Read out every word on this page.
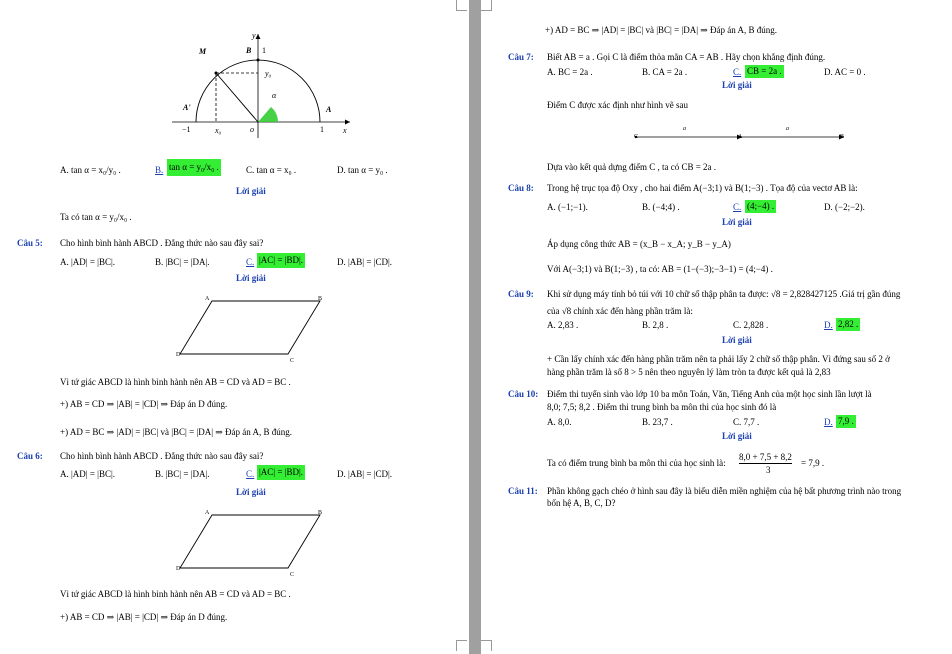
y
x
M	B 1
y₀
α
A'	A
−1	x₀	o	1
A. tan α = x₀/y₀ .	B. tan α = y₀/x₀ .	C. tan α = x₀ .	D. tan α = y₀ .
Lời giải
Ta có tan α = y₀/x₀ .
Câu 5: Cho hình bình hành ABCD . Đẳng thức nào sau đây sai?
A. |AD| = |BC|.	B. |BC| = |DA|.	C. |AC| = |BD|.	D. |AB| = |CD|.
Lời giải
A	B
C
D
Vì tứ giác ABCD là hình bình hành nên AB = CD và AD = BC .
+) AB = CD ⇒ |AB| = |CD| ⇒ Đáp án D đúng.
+) AD = BC ⇒ |AD| = |BC| và |BC| = |DA| ⇒ Đáp án A, B đúng.
Câu 6: Cho hình bình hành ABCD . Đẳng thức nào sau đây sai?
A. |AD| = |BC|.	B. |BC| = |DA|.	C. |AC| = |BD|.	D. |AB| = |CD|.
Lời giải
A	B
C
D
Vì tứ giác ABCD là hình bình hành nên AB = CD và AD = BC .
+) AB = CD ⇒ |AB| = |CD| ⇒ Đáp án D đúng.
+) AD = BC ⇒ |AD| = |BC| và |BC| = |DA| ⇒ Đáp án A, B đúng.
Câu 7: Biết AB = a . Gọi C là điểm thỏa mãn CA = AB . Hãy chọn khẳng định đúng.
A. BC = 2a .	B. CA = 2a .	C. CB = 2a .	D. AC = 0 .
Lời giải
Điểm C được xác định như hình vẽ sau
C	A	B
a	a
Dựa vào kết quả dựng điểm C , ta có CB = 2a .
Câu 8: Trong hệ trục tọa độ Oxy , cho hai điểm A(−3;1) và B(1;−3) . Tọa độ của vectơ AB là:
A. (−1;−1).	B. (−4;4) .	C. (4;−4) .	D. (−2;−2).
Lời giải
Áp dụng công thức AB = (x_B − x_A; y_B − y_A)
Với A(−3;1) và B(1;−3) , ta có: AB = (1−(−3);−3−1) = (4;−4) .
Câu 9: Khi sử dụng máy tính bỏ túi với 10 chữ số thập phân ta được: √8 = 2,828427125 .Giá trị gần đúng
của √8 chính xác đến hàng phần trăm là:
A. 2,83 .	B. 2,8 .	C. 2,828 .	D. 2,82 .
Lời giải
+ Cần lấy chính xác đến hàng phần trăm nên ta phải lấy 2 chữ số thập phân. Vì đứng sau số 2 ở
hàng phần trăm là số 8 > 5 nên theo nguyên lý làm tròn ta được kết quả là 2,83
Câu 10: Điểm thi tuyển sinh vào lớp 10 ba môn Toán, Văn, Tiếng Anh của một học sinh lần lượt là
8,0; 7,5; 8,2 . Điểm thi trung bình ba môn thi của học sinh đó là
A. 8,0.	B. 23,7 .	C. 7,7 .	D. 7,9 .
Lời giải
Ta có điểm trung bình ba môn thi của học sinh là:
8,0 + 7,5 + 8,2
3
= 7,9 .
Câu 11: Phần không gạch chéo ở hình sau đây là biểu diễn miền nghiệm của hệ bất phương trình nào trong
bốn hệ A, B, C, D?
